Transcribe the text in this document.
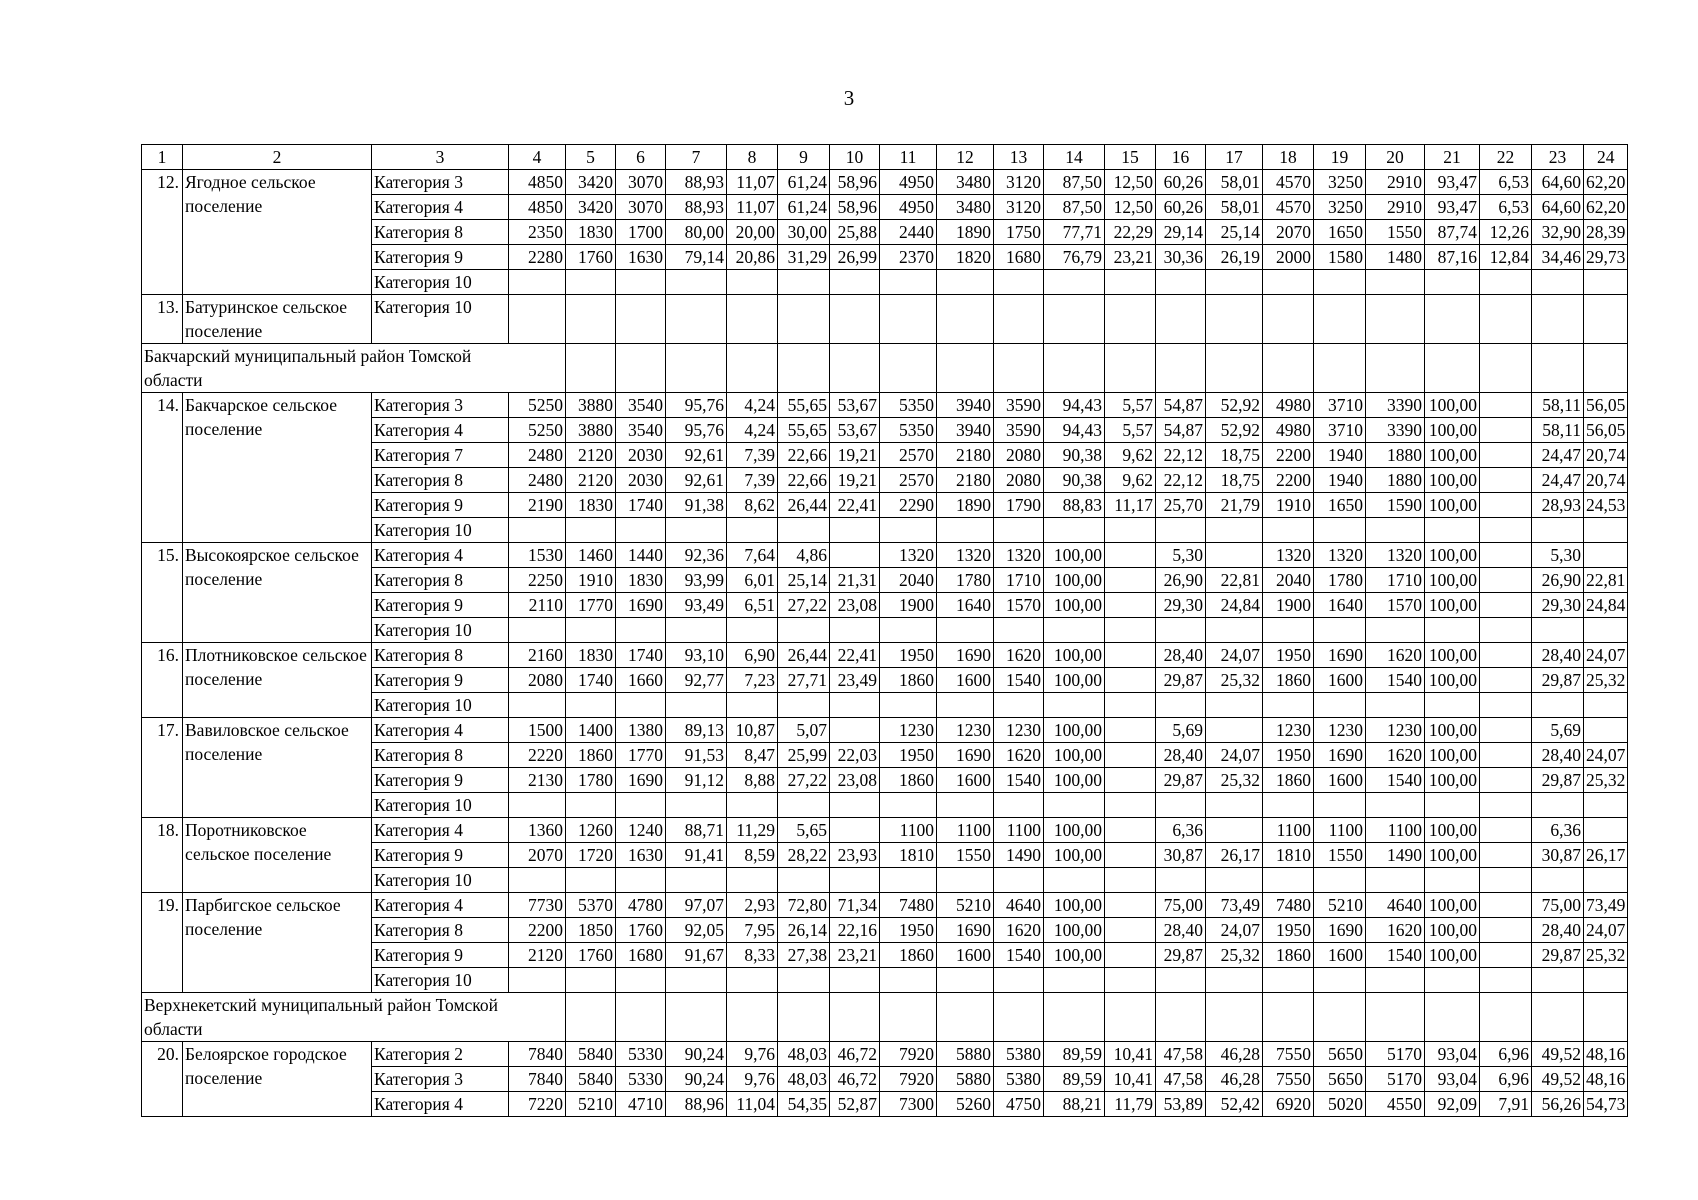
3
1	2	3	4	5	6	7	8	9	10	11	12	13	14	15	16	17	18	19	20	21	22	23	24
12.	Ягодное сельское поселение	Категория 3	4850	3420	3070	88,93	11,07	61,24	58,96	4950	3480	3120	87,50	12,50	60,26	58,01	4570	3250	2910	93,47	6,53	64,60	62,20
		Категория 4	4850	3420	3070	88,93	11,07	61,24	58,96	4950	3480	3120	87,50	12,50	60,26	58,01	4570	3250	2910	93,47	6,53	64,60	62,20
		Категория 8	2350	1830	1700	80,00	20,00	30,00	25,88	2440	1890	1750	77,71	22,29	29,14	25,14	2070	1650	1550	87,74	12,26	32,90	28,39
		Категория 9	2280	1760	1630	79,14	20,86	31,29	26,99	2370	1820	1680	76,79	23,21	30,36	26,19	2000	1580	1480	87,16	12,84	34,46	29,73
		Категория 10																					
13.	Батуринское сельское поселение	Категория 10																					
Бакчарский муниципальный район Томской области																							
14.	Бакчарское сельское поселение	Категория 3	5250	3880	3540	95,76	4,24	55,65	53,67	5350	3940	3590	94,43	5,57	54,87	52,92	4980	3710	3390	100,00		58,11	56,05
		Категория 4	5250	3880	3540	95,76	4,24	55,65	53,67	5350	3940	3590	94,43	5,57	54,87	52,92	4980	3710	3390	100,00		58,11	56,05
		Категория 7	2480	2120	2030	92,61	7,39	22,66	19,21	2570	2180	2080	90,38	9,62	22,12	18,75	2200	1940	1880	100,00		24,47	20,74
		Категория 8	2480	2120	2030	92,61	7,39	22,66	19,21	2570	2180	2080	90,38	9,62	22,12	18,75	2200	1940	1880	100,00		24,47	20,74
		Категория 9	2190	1830	1740	91,38	8,62	26,44	22,41	2290	1890	1790	88,83	11,17	25,70	21,79	1910	1650	1590	100,00		28,93	24,53
		Категория 10																					
15.	Высокоярское сельское поселение	Категория 4	1530	1460	1440	92,36	7,64	4,86		1320	1320	1320	100,00		5,30		1320	1320	1320	100,00		5,30	
		Категория 8	2250	1910	1830	93,99	6,01	25,14	21,31	2040	1780	1710	100,00		26,90	22,81	2040	1780	1710	100,00		26,90	22,81
		Категория 9	2110	1770	1690	93,49	6,51	27,22	23,08	1900	1640	1570	100,00		29,30	24,84	1900	1640	1570	100,00		29,30	24,84
		Категория 10																					
16.	Плотниковское сельское поселение	Категория 8	2160	1830	1740	93,10	6,90	26,44	22,41	1950	1690	1620	100,00		28,40	24,07	1950	1690	1620	100,00		28,40	24,07
		Категория 9	2080	1740	1660	92,77	7,23	27,71	23,49	1860	1600	1540	100,00		29,87	25,32	1860	1600	1540	100,00		29,87	25,32
		Категория 10																					
17.	Вавиловское сельское поселение	Категория 4	1500	1400	1380	89,13	10,87	5,07		1230	1230	1230	100,00		5,69		1230	1230	1230	100,00		5,69	
		Категория 8	2220	1860	1770	91,53	8,47	25,99	22,03	1950	1690	1620	100,00		28,40	24,07	1950	1690	1620	100,00		28,40	24,07
		Категория 9	2130	1780	1690	91,12	8,88	27,22	23,08	1860	1600	1540	100,00		29,87	25,32	1860	1600	1540	100,00		29,87	25,32
		Категория 10																					
18.	Поротниковское сельское поселение	Категория 4	1360	1260	1240	88,71	11,29	5,65		1100	1100	1100	100,00		6,36		1100	1100	1100	100,00		6,36	
		Категория 9	2070	1720	1630	91,41	8,59	28,22	23,93	1810	1550	1490	100,00		30,87	26,17	1810	1550	1490	100,00		30,87	26,17
		Категория 10																					
19.	Парбигское сельское поселение	Категория 4	7730	5370	4780	97,07	2,93	72,80	71,34	7480	5210	4640	100,00		75,00	73,49	7480	5210	4640	100,00		75,00	73,49
		Категория 8	2200	1850	1760	92,05	7,95	26,14	22,16	1950	1690	1620	100,00		28,40	24,07	1950	1690	1620	100,00		28,40	24,07
		Категория 9	2120	1760	1680	91,67	8,33	27,38	23,21	1860	1600	1540	100,00		29,87	25,32	1860	1600	1540	100,00		29,87	25,32
		Категория 10																					
Верхнекетский муниципальный район Томской области																							
20.	Белоярское городское поселение	Категория 2	7840	5840	5330	90,24	9,76	48,03	46,72	7920	5880	5380	89,59	10,41	47,58	46,28	7550	5650	5170	93,04	6,96	49,52	48,16
		Категория 3	7840	5840	5330	90,24	9,76	48,03	46,72	7920	5880	5380	89,59	10,41	47,58	46,28	7550	5650	5170	93,04	6,96	49,52	48,16
		Категория 4	7220	5210	4710	88,96	11,04	54,35	52,87	7300	5260	4750	88,21	11,79	53,89	52,42	6920	5020	4550	92,09	7,91	56,26	54,73
